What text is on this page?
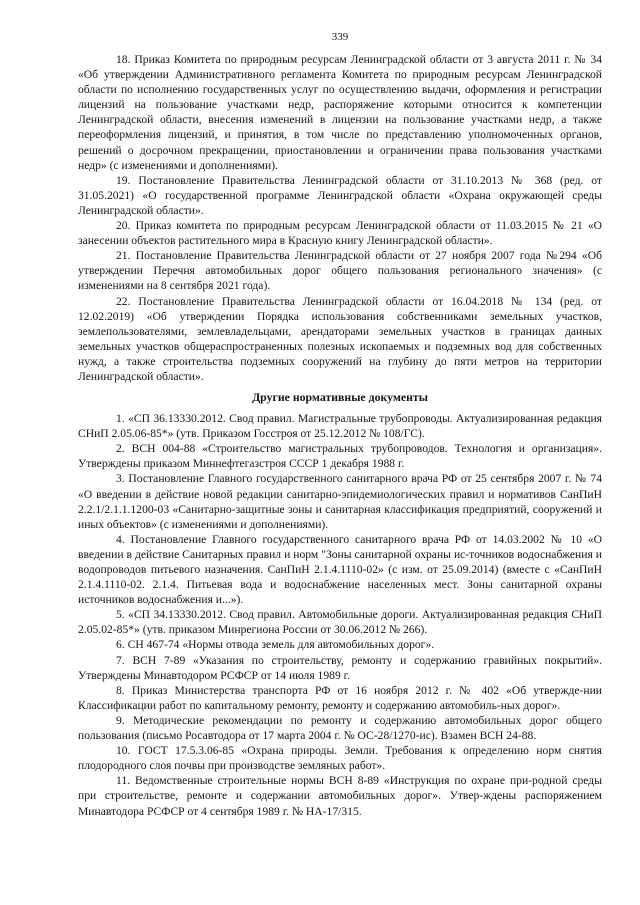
339

18. Приказ Комитета по природным ресурсам Ленинградской области от 3 августа 2011 г. № 34 «Об утверждении Административного регламента Комитета по природным ресурсам Ленинградской области по исполнению государственных услуг по осуществлению выдачи, оформления и регистрации лицензий на пользование участками недр, распоряжение которыми относится к компетенции Ленинградской области, внесения изменений в лицензии на пользование участками недр, а также переоформления лицензий, и принятия, в том числе по представлению уполномоченных органов, решений о досрочном прекращении, приостановлении и ограничении права пользования участками недр» (с изменениями и дополнениями).

19. Постановление Правительства Ленинградской области от 31.10.2013 № 368 (ред. от 31.05.2021) «О государственной программе Ленинградской области «Охрана окружающей среды Ленинградской области».

20. Приказ комитета по природным ресурсам Ленинградской области от 11.03.2015 № 21 «О занесении объектов растительного мира в Красную книгу Ленинградской области».

21. Постановление Правительства Ленинградской области от 27 ноября 2007 года №294 «Об утверждении Перечня автомобильных дорог общего пользования регионального значения» (с изменениями на 8 сентября 2021 года).

22. Постановление Правительства Ленинградской области от 16.04.2018 № 134 (ред. от 12.02.2019) «Об утверждении Порядка использования собственниками земельных участков, землепользователями, землевладельцами, арендаторами земельных участков в границах данных земельных участков общераспространенных полезных ископаемых и подземных вод для собственных нужд, а также строительства подземных сооружений на глубину до пяти метров на территории Ленинградской области».

Другие нормативные документы

1. «СП 36.13330.2012. Свод правил. Магистральные трубопроводы. Актуализированная редакция СНиП 2.05.06-85*» (утв. Приказом Госстроя от 25.12.2012 № 108/ГС).

2. ВСН 004-88 «Строительство магистральных трубопроводов. Технология и организация». Утверждены приказом Миннефтегазстроя СССР 1 декабря 1988 г.

3. Постановление Главного государственного санитарного врача РФ от 25 сентября 2007 г. № 74 «О введении в действие новой редакции санитарно-эпидемиологических правил и нормативов СанПиН 2.2.1/2.1.1.1200-03 «Санитарно-защитные зоны и санитарная классификация предприятий, сооружений и иных объектов» (с изменениями и дополнениями).

4. Постановление Главного государственного санитарного врача РФ от 14.03.2002 № 10 «О введении в действие Санитарных правил и норм "Зоны санитарной охраны ис-точников водоснабжения и водопроводов питьевого назначения. СанПиН 2.1.4.1110-02» (с изм. от 25.09.2014) (вместе с «СанПиН 2.1.4.1110-02. 2.1.4. Питьевая вода и водоснабжение населенных мест. Зоны санитарной охраны источников водоснабжения и...»).

5. «СП 34.13330.2012. Свод правил. Автомобильные дороги. Актуализированная редакция СНиП 2.05.02-85*» (утв. приказом Минрегиона России от 30.06.2012 № 266).

6. СН 467-74 «Нормы отвода земель для автомобильных дорог».

7. ВСН 7-89 «Указания по строительству, ремонту и содержанию гравийных покрытий». Утверждены Минавтодором РСФСР от 14 июля 1989 г.

8. Приказ Министерства транспорта РФ от 16 ноября 2012 г. № 402 «Об утвержде-нии Классификации работ по капитальному ремонту, ремонту и содержанию автомобиль-ных дорог».

9. Методические рекомендации по ремонту и содержанию автомобильных дорог общего пользования (письмо Росавтодора от 17 марта 2004 г. № ОС-28/1270-ис). Взамен ВСН 24-88.

10. ГОСТ 17.5.3.06-85 «Охрана природы. Земли. Требования к определению норм снятия плодородного слоя почвы при производстве земляных работ».

11. Ведомственные строительные нормы ВСН 8-89 «Инструкция по охране при-родной среды при строительстве, ремонте и содержании автомобильных дорог». Утвер-ждены распоряжением Минавтодора РСФСР от 4 сентября 1989 г. № НА-17/315.
